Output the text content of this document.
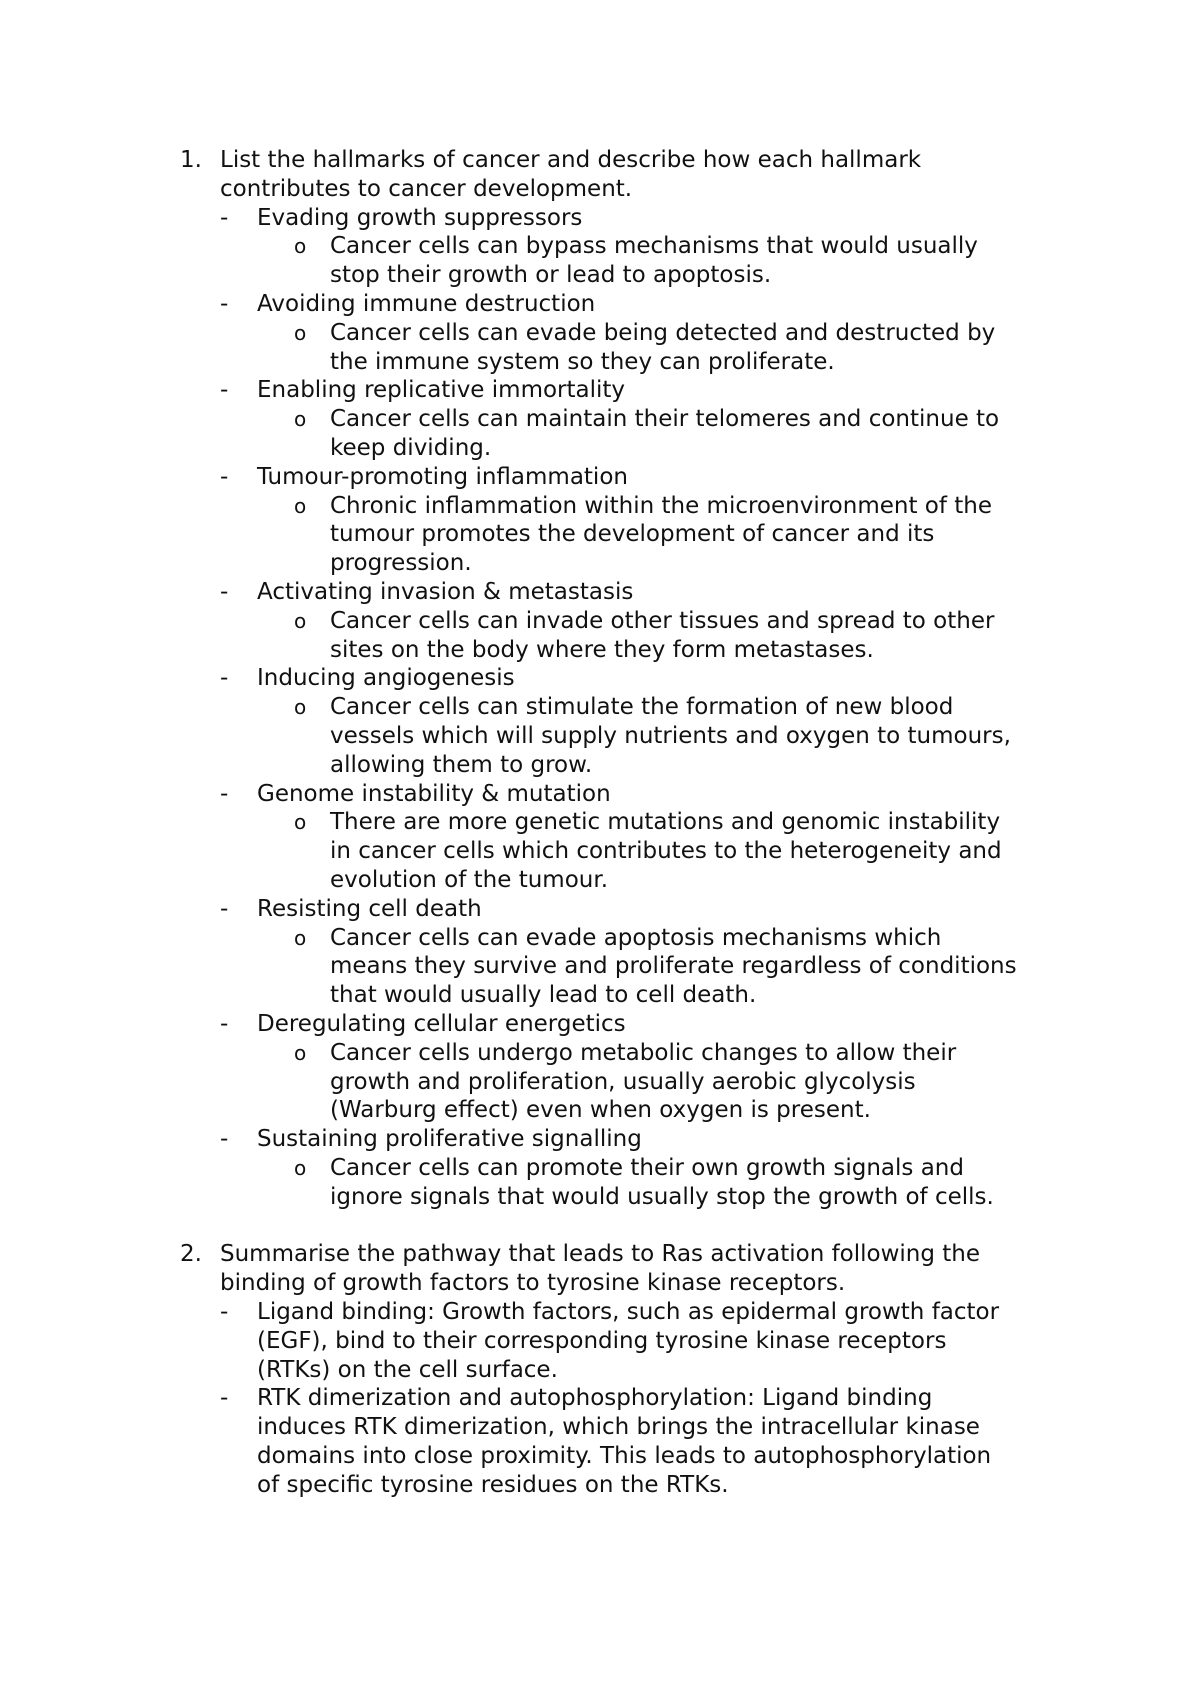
1. List the hallmarks of cancer and describe how each hallmark
contributes to cancer development.
- Evading growth suppressors
o Cancer cells can bypass mechanisms that would usually
stop their growth or lead to apoptosis.
- Avoiding immune destruction
o Cancer cells can evade being detected and destructed by
the immune system so they can proliferate.
- Enabling replicative immortality
o Cancer cells can maintain their telomeres and continue to
keep dividing.
- Tumour-promoting inflammation
o Chronic inflammation within the microenvironment of the
tumour promotes the development of cancer and its
progression.
- Activating invasion & metastasis
o Cancer cells can invade other tissues and spread to other
sites on the body where they form metastases.
- Inducing angiogenesis
o Cancer cells can stimulate the formation of new blood
vessels which will supply nutrients and oxygen to tumours,
allowing them to grow.
- Genome instability & mutation
o There are more genetic mutations and genomic instability
in cancer cells which contributes to the heterogeneity and
evolution of the tumour.
- Resisting cell death
o Cancer cells can evade apoptosis mechanisms which
means they survive and proliferate regardless of conditions
that would usually lead to cell death.
- Deregulating cellular energetics
o Cancer cells undergo metabolic changes to allow their
growth and proliferation, usually aerobic glycolysis
(Warburg effect) even when oxygen is present.
- Sustaining proliferative signalling
o Cancer cells can promote their own growth signals and
ignore signals that would usually stop the growth of cells.
2. Summarise the pathway that leads to Ras activation following the
binding of growth factors to tyrosine kinase receptors.
- Ligand binding: Growth factors, such as epidermal growth factor
(EGF), bind to their corresponding tyrosine kinase receptors
(RTKs) on the cell surface.
- RTK dimerization and autophosphorylation: Ligand binding
induces RTK dimerization, which brings the intracellular kinase
domains into close proximity. This leads to autophosphorylation
of specific tyrosine residues on the RTKs.
